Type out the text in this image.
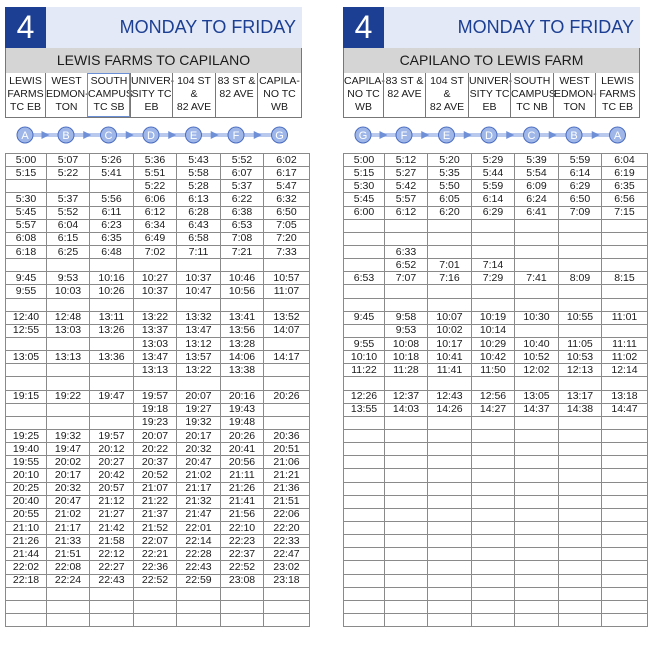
4	MONDAY TO FRIDAY
LEWIS FARMS TO CAPILANO
LEWIS
FARMS
TC EB
WEST
EDMON-
TON
SOUTH
CAMPUS
TC SB
UNIVER-
SITY TC
EB
104 ST &
82 AVE
83 ST &
82 AVE
CAPILA-
NO TC
WB
A	B	C	D	E	F	G
5:00	5:07	5:26	5:36	5:43	5:52	6:02
5:15	5:22	5:41	5:51	5:58	6:07	6:17
			5:22	5:28	5:37	5:47
5:30	5:37	5:56	6:06	6:13	6:22	6:32
5:45	5:52	6:11	6:12	6:28	6:38	6:50
5:57	6:04	6:23	6:34	6:43	6:53	7:05
6:08	6:15	6:35	6:49	6:58	7:08	7:20
6:18	6:25	6:48	7:02	7:11	7:21	7:33

9:45	9:53	10:16	10:27	10:37	10:46	10:57
9:55	10:03	10:26	10:37	10:47	10:56	11:07

12:40	12:48	13:11	13:22	13:32	13:41	13:52
12:55	13:03	13:26	13:37	13:47	13:56	14:07
			13:03	13:12	13:28	
13:05	13:13	13:36	13:47	13:57	14:06	14:17
			13:13	13:22	13:38	

19:15	19:22	19:47	19:57	20:07	20:16	20:26
			19:18	19:27	19:43	
			19:23	19:32	19:48	
19:25	19:32	19:57	20:07	20:17	20:26	20:36
19:40	19:47	20:12	20:22	20:32	20:41	20:51
19:55	20:02	20:27	20:37	20:47	20:56	21:06
20:10	20:17	20:42	20:52	21:02	21:11	21:21
20:25	20:32	20:57	21:07	21:17	21:26	21:36
20:40	20:47	21:12	21:22	21:32	21:41	21:51
20:55	21:02	21:27	21:37	21:47	21:56	22:06
21:10	21:17	21:42	21:52	22:01	22:10	22:20
21:26	21:33	21:58	22:07	22:14	22:23	22:33
21:44	21:51	22:12	22:21	22:28	22:37	22:47
22:02	22:08	22:27	22:36	22:43	22:52	23:02
22:18	22:24	22:43	22:52	22:59	23:08	23:18

4	MONDAY TO FRIDAY
CAPILANO TO LEWIS FARM
CAPILA-
NO TC
WB
83 ST &
82 AVE
104 ST &
82 AVE
UNIVER-
SITY TC
EB
SOUTH
CAMPUS
TC NB
WEST
EDMON-
TON
LEWIS
FARMS
TC EB
G	F	E	D	C	B	A
5:00	5:12	5:20	5:29	5:39	5:59	6:04
5:15	5:27	5:35	5:44	5:54	6:14	6:19
5:30	5:42	5:50	5:59	6:09	6:29	6:35
5:45	5:57	6:05	6:14	6:24	6:50	6:56
6:00	6:12	6:20	6:29	6:41	7:09	7:15

	6:33					
	6:52	7:01	7:14			
6:53	7:07	7:16	7:29	7:41	8:09	8:15

9:45	9:58	10:07	10:19	10:30	10:55	11:01
	9:53	10:02	10:14			
9:55	10:08	10:17	10:29	10:40	11:05	11:11
10:10	10:18	10:41	10:42	10:52	10:53	11:02
11:22	11:28	11:41	11:50	12:02	12:13	12:14

12:26	12:37	12:43	12:56	13:05	13:17	13:18
13:55	14:03	14:26	14:27	14:37	14:38	14:47
